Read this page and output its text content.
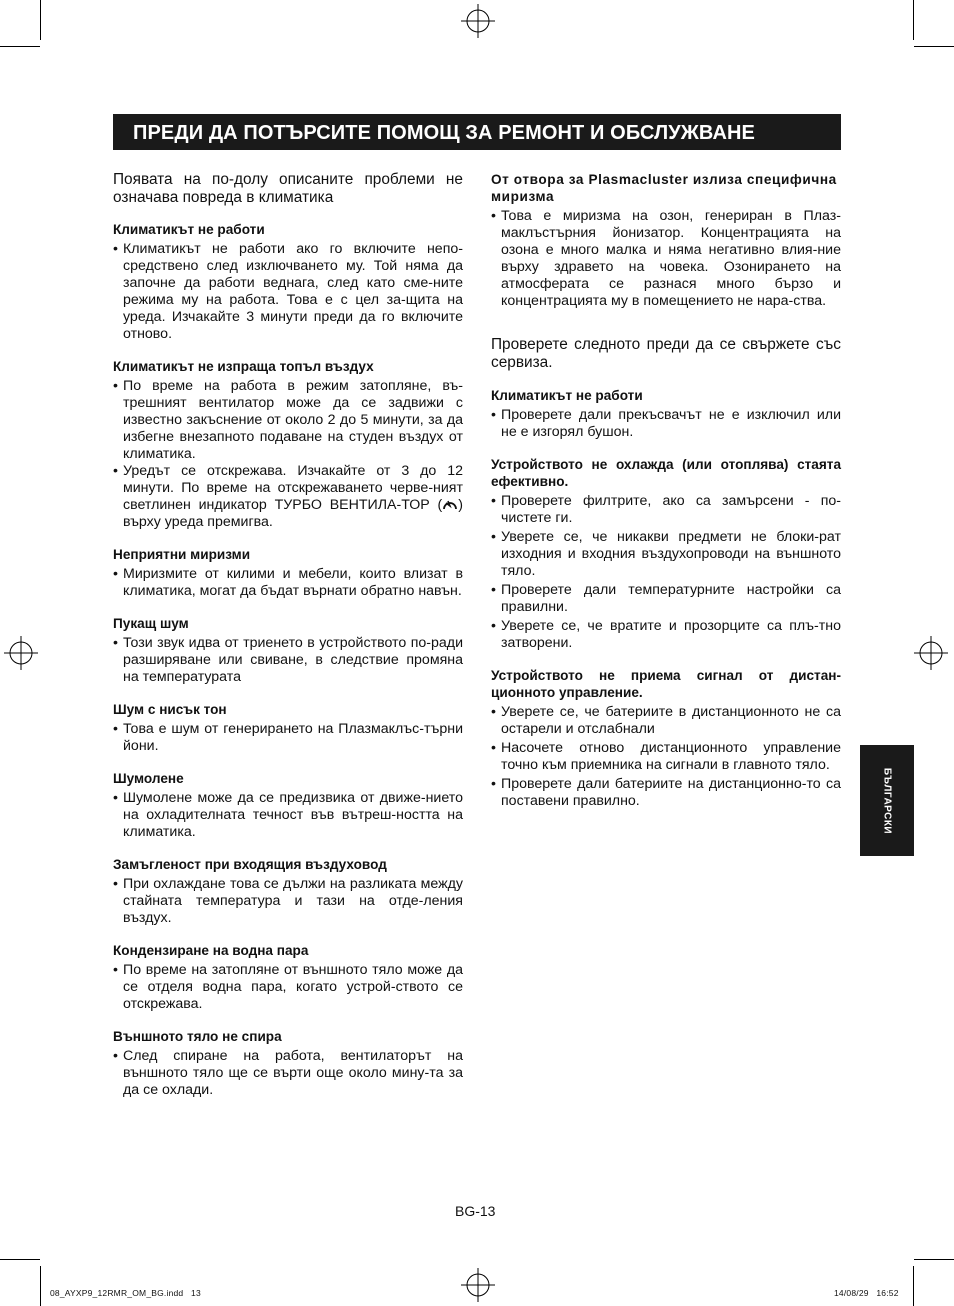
ПРЕДИ ДА ПОТЪРСИТЕ ПОМОЩ ЗА РЕМОНТ И ОБСЛУЖВАНЕ

Появата на по-долу описаните проблеми не означава повреда в климатика

Климатикът не работи

• Климатикът не работи ако го включите непо-средствено след изключването му. Той няма да започне да работи веднага, след като сме-ните режима му на работа. Това е с цел за-щита на уреда. Изчакайте 3 минути преди да го включите отново.

Климатикът не изпраща топъл въздух

• По време на работа в режим затопляне, въ-трешният вентилатор може да се задвижи с известно закъснение от около 2 до 5 минути, за да избегне внезапното подаване на студен въздух от климатика.
• Уредът се отскрежава. Изчакайте от 3 до 12 минути. По време на отскрежаването черве-ният светлинен индикатор ТУРБО ВЕНТИЛА-ТОР ( ) върху уреда премигва.

Неприятни миризми

• Миризмите от килими и мебели, които влизат в климатика, могат да бъдат върнати обратно навън.

Пукащ шум

• Този звук идва от триенето в устройството по-ради разширяване или свиване, в следствие промяна на температурата

Шум с нисък тон

• Това е шум от генерирането на Плазмаклъс-търни йони.

Шумолене

• Шумолене може да се предизвика от движе-нието на охладителната течност във вътреш-ността на климатика.

Замъгленост при входящия въздуховод

• При охлаждане това се дължи на разликата между стайната температура и тази на отде-ления въздух.

Кондензиране на водна пара

• По време на затопляне от външното тяло може да се отделя водна пара, когато устрой-ството се отскрежава.

Външното тяло не спира

• След спиране на работа, вентилаторът на външното тяло ще се върти още около мину-та за да се охлади.

От отвора за Plasmacluster излиза специфична миризма

• Това е миризма на озон, генериран в Плаз-маклъстърния йонизатор. Концентрацията на озона е много малка и няма негативно влия-ние върху здравето на човека. Озонирането на атмосферата се разнася много бързо и концентрацията му в помещението не нара-ства.

Проверете следното преди да се свържете със сервиза.

Климатикът не работи

• Проверете дали прекъсвачът не е изключил или не е изгорял бушон.

Устройството не охлажда (или отоплява) стаята ефективно.

• Проверете филтрите, ако са замърсени - по-чистете ги.
• Уверете се, че никакви предмети не блоки-рат изходния и входния въздухопроводи на външното тяло.
• Проверете дали температурните настройки са правилни.
• Уверете се, че вратите и прозорците са плъ-тно затворени.

Устройството не приема сигнал от дистан-ционното управление.

• Уверете се, че батериите в дистанционното не са остарели и отслабнали
• Насочете отново дистанционното управление точно към приемника на сигнали в главното тяло.
• Проверете дали батериите на дистанционно-то са поставени правилно.	БЪЛГАРСКИ
BG-13
08_AYXP9_12RMR_OM_BG.indd   13	14/08/29   16:52
